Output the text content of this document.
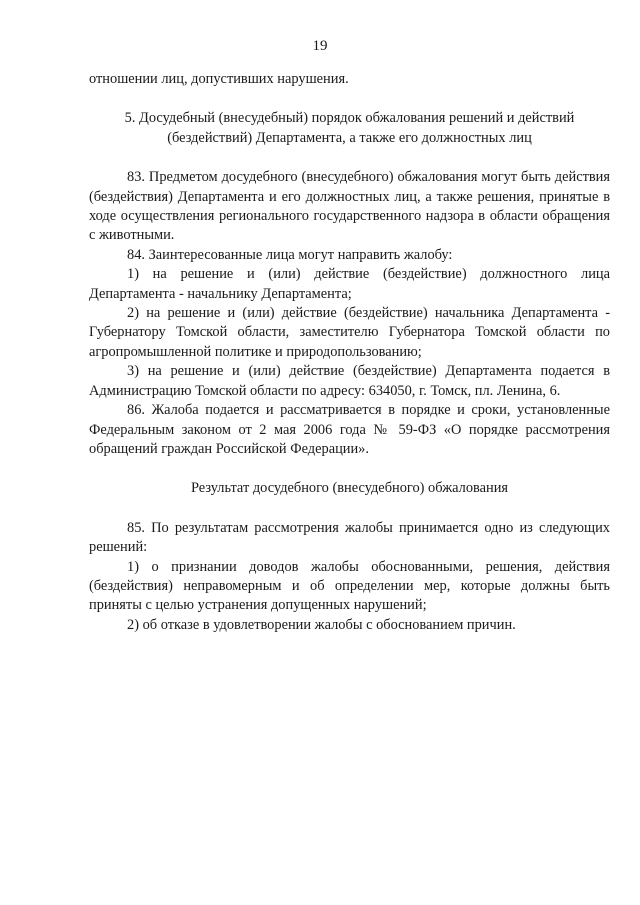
19

отношении лиц, допустивших нарушения.

5. Досудебный (внесудебный) порядок обжалования решений и действий (бездействий) Департамента, а также его должностных лиц

83. Предметом досудебного (внесудебного) обжалования могут быть действия (бездействия) Департамента и его должностных лиц, а также решения, принятые в ходе осуществления регионального государственного надзора в области обращения с животными.

84. Заинтересованные лица могут направить жалобу:

1) на решение и (или) действие (бездействие) должностного лица Департамента - начальнику Департамента;

2) на решение и (или) действие (бездействие) начальника Департамента - Губернатору Томской области, заместителю Губернатора Томской области по агропромышленной политике и природопользованию;

3) на решение и (или) действие (бездействие) Департамента подается в Администрацию Томской области по адресу: 634050, г. Томск, пл. Ленина, 6.

86. Жалоба подается и рассматривается в порядке и сроки, установленные Федеральным законом от 2 мая 2006 года № 59-ФЗ «О порядке рассмотрения обращений граждан Российской Федерации».

Результат досудебного (внесудебного) обжалования

85. По результатам рассмотрения жалобы принимается одно из следующих решений:

1) о признании доводов жалобы обоснованными, решения, действия (бездействия) неправомерным и об определении мер, которые должны быть приняты с целью устранения допущенных нарушений;

2) об отказе в удовлетворении жалобы с обоснованием причин.
